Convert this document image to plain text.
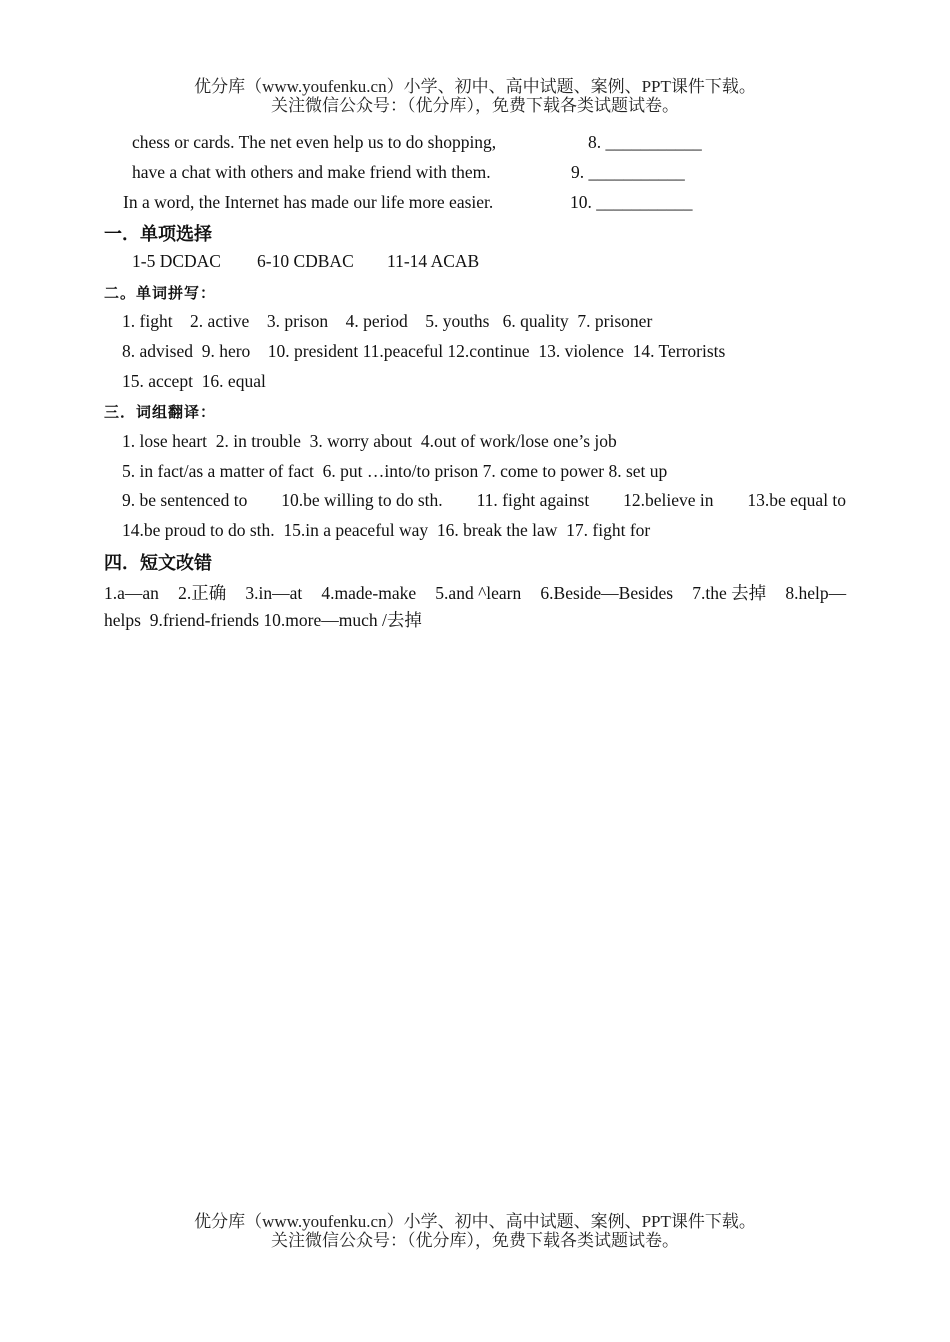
优分库（www.youfenku.cn）小学、初中、高中试题、案例、PPT课件下载。
关注微信公众号：（优分库），免费下载各类试题试卷。
chess or cards. The net even help us to do shopping,	8. ___________
have a chat with others and make friend with them.	9. ___________
In a word, the Internet has made our life more easier.	10. ___________
一．单项选择
1-5 DCDAC 6-10 CDBAC 11-14 ACAB
二。单词拼写：
1. fight    2. active    3. prison    4. period    5. youths   6. quality  7. prisoner
8. advised  9. hero    10. president 11.peaceful 12.continue  13. violence  14. Terrorists
15. accept  16. equal
三．词组翻译：
1. lose heart  2. in trouble  3. worry about  4.out of work/lose one’s job
5. in fact/as a matter of fact  6. put …into/to prison 7. come to power 8. set up
9. be sentenced to 10.be willing to do sth. 11. fight against 12.believe in 13.be equal to
14.be proud to do sth.  15.in a peaceful way  16. break the law  17. fight for
四．短文改错
1.a—an 2.正确 3.in—at 4.made-make 5.and ^learn 6.Beside—Besides 7.the 去掉 8.help—
helps  9.friend-friends 10.more—much /去掉
优分库（www.youfenku.cn）小学、初中、高中试题、案例、PPT课件下载。
关注微信公众号：（优分库），免费下载各类试题试卷。
